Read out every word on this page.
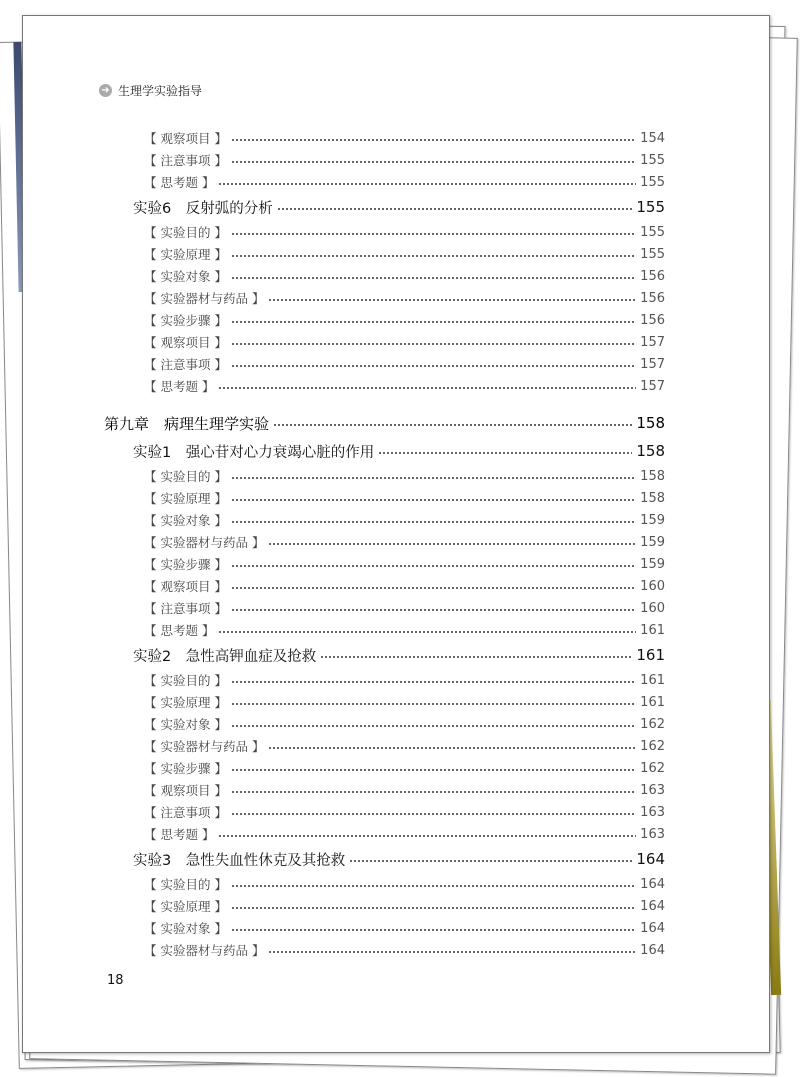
➜ 生理学实验指导
【 观察项目 】	154
【 注意事项 】	155
【 思考题 】	155
实验6　反射弧的分析	155
【 实验目的 】	155
【 实验原理 】	155
【 实验对象 】	156
【 实验器材与药品 】	156
【 实验步骤 】	156
【 观察项目 】	157
【 注意事项 】	157
【 思考题 】	157
第九章　病理生理学实验	158
实验1　强心苷对心力衰竭心脏的作用	158
【 实验目的 】	158
【 实验原理 】	158
【 实验对象 】	159
【 实验器材与药品 】	159
【 实验步骤 】	159
【 观察项目 】	160
【 注意事项 】	160
【 思考题 】	161
实验2　急性高钾血症及抢救	161
【 实验目的 】	161
【 实验原理 】	161
【 实验对象 】	162
【 实验器材与药品 】	162
【 实验步骤 】	162
【 观察项目 】	163
【 注意事项 】	163
【 思考题 】	163
实验3　急性失血性休克及其抢救	164
【 实验目的 】	164
【 实验原理 】	164
【 实验对象 】	164
【 实验器材与药品 】	164
18
